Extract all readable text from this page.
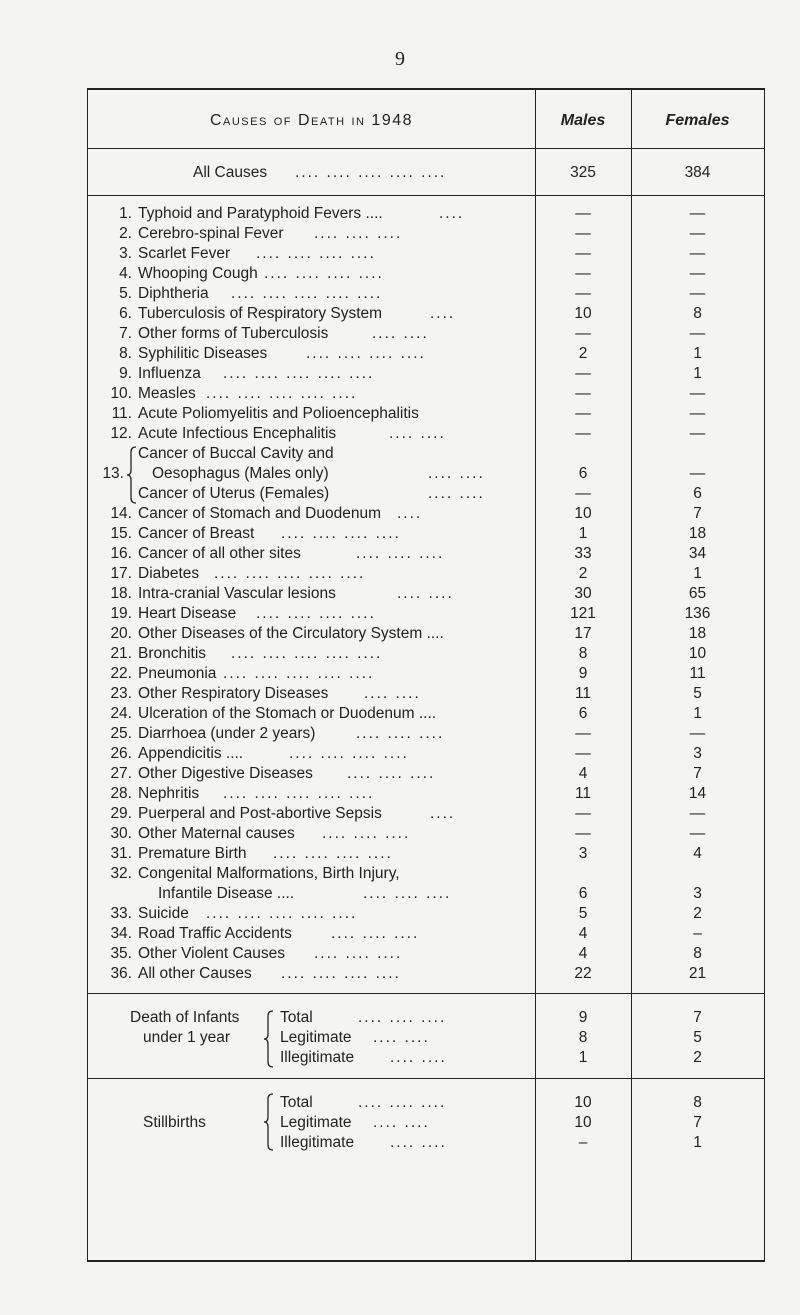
9
Causes of Death in 1948	Males	Females
All Causes .... .... .... .... ....	325	384
1. Typhoid and Paratyphoid Fevers ....	....	—	—
2. Cerebro-spinal Fever .... .... ....	—	—
3. Scarlet Fever .... .... .... ....	—	—
4. Whooping Cough .... .... .... ....	—	—
5. Diphtheria .... .... .... .... ....	—	—
6. Tuberculosis of Respiratory System	....	10	8
7. Other forms of Tuberculosis	.... ....	—	—
8. Syphilitic Diseases	.... .... .... ....	2	1
9. Influenza .... .... .... .... ....	—	1
10. Measles .... .... .... .... ....	—	—
11. Acute Poliomyelitis and Polioencephalitis	—	—
12. Acute Infectious Encephalitis	.... ....	—	—
Cancer of Buccal Cavity and
13. Oesophagus (Males only)	.... ....	6	—
Cancer of Uterus (Females)	.... ....	—	6
14. Cancer of Stomach and Duodenum ....	10	7
15. Cancer of Breast .... .... .... ....	1	18
16. Cancer of all other sites	.... .... ....	33	34
17. Diabetes .... .... .... .... ....	2	1
18. Intra-cranial Vascular lesions	.... ....	30	65
19. Heart Disease .... .... .... ....	121	136
20. Other Diseases of the Circulatory System ....	17	18
21. Bronchitis .... .... .... .... ....	8	10
22. Pneumonia .... .... .... .... ....	9	11
23. Other Respiratory Diseases .... ....	11	5
24. Ulceration of the Stomach or Duodenum ....	6	1
25. Diarrhoea (under 2 years)	.... .... ....	—	—
26. Appendicitis ....	.... .... .... ....	—	3
27. Other Digestive Diseases .... .... ....	4	7
28. Nephritis .... .... .... .... ....	11	14
29. Puerperal and Post-abortive Sepsis	....	—	—
30. Other Maternal causes .... .... ....	—	—
31. Premature Birth .... .... .... ....	3	4
32. Congenital Malformations, Birth Injury,
Infantile Disease ....	.... .... ....	6	3
33. Suicide .... .... .... .... ....	5	2
34. Road Traffic Accidents	.... .... ....	4	–
35. Other Violent Causes .... .... ....	4	8
36. All other Causes .... .... .... ....	22	21
Death of Infants
under 1 year
Total	.... .... ....	9	7
Legitimate .... ....	8	5
Illegitimate .... ....	1	2
Stillbirths
Total	.... .... ....	10	8
Legitimate .... ....	10	7
Illegitimate .... ....	–	1
